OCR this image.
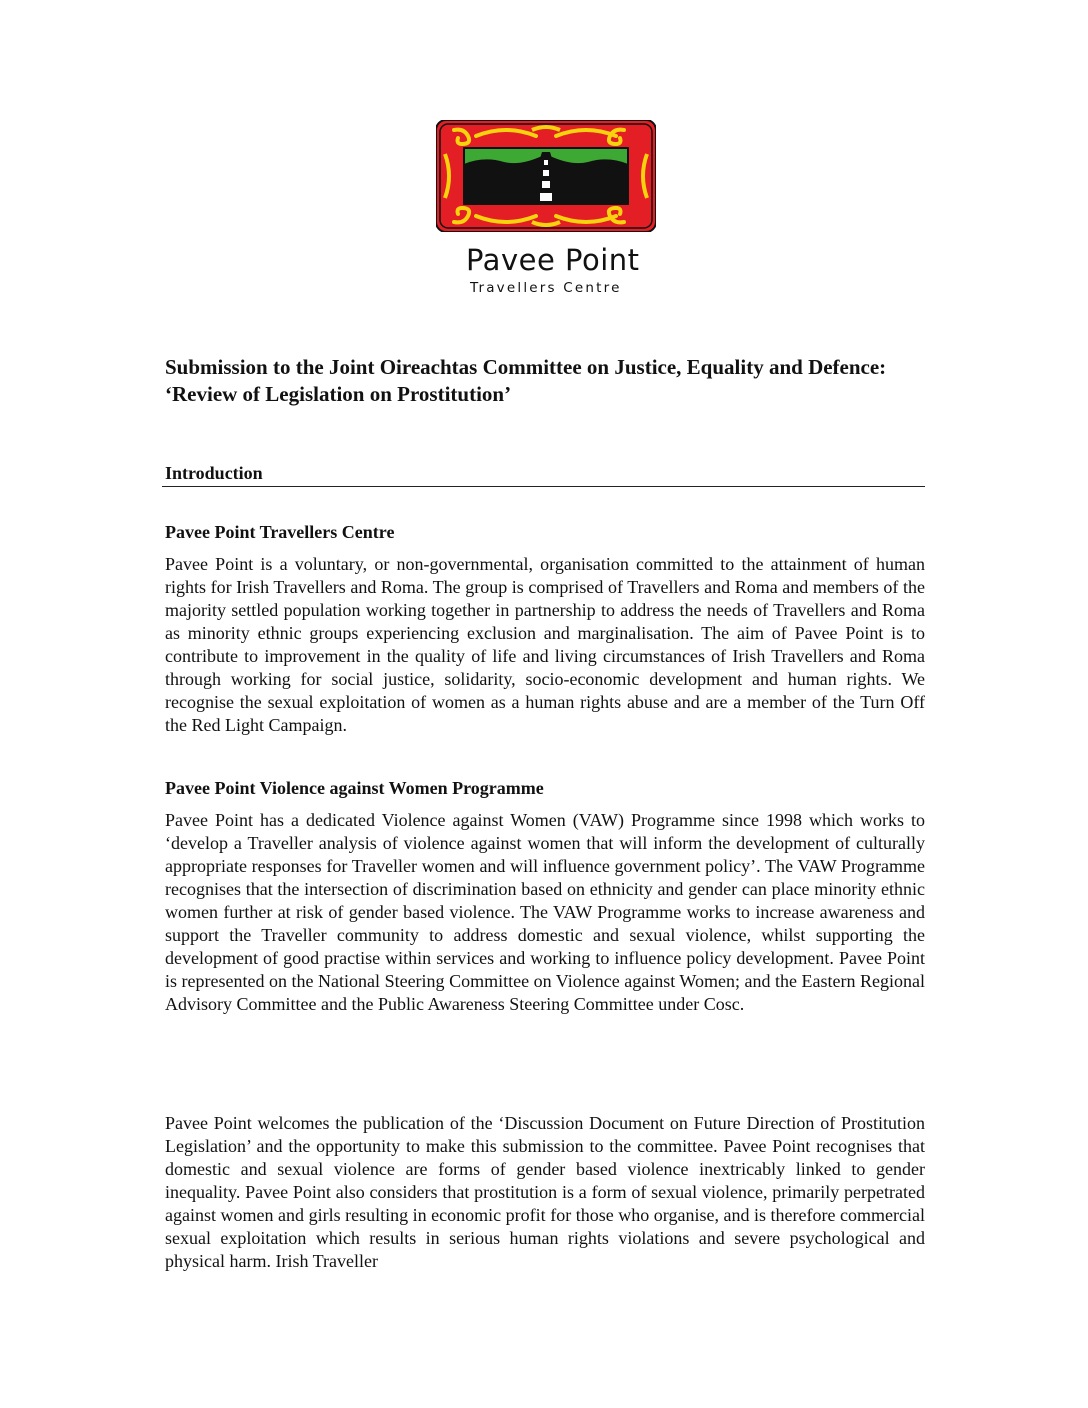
Pavee Point
Travellers Centre
Submission to the Joint Oireachtas Committee on Justice, Equality and Defence: ‘Review of Legislation on Prostitution’
Introduction
Pavee Point Travellers Centre

Pavee Point is a voluntary, or non-governmental, organisation committed to the attainment of human rights for Irish Travellers and Roma. The group is comprised of Travellers and Roma and members of the majority settled population working together in partnership to address the needs of Travellers and Roma as minority ethnic groups experiencing exclusion and marginalisation. The aim of Pavee Point is to contribute to improvement in the quality of life and living circumstances of Irish Travellers and Roma through working for social justice, solidarity, socio-economic development and human rights. We recognise the sexual exploitation of women as a human rights abuse and are a member of the Turn Off the Red Light Campaign.

Pavee Point Violence against Women Programme

Pavee Point has a dedicated Violence against Women (VAW) Programme since 1998 which works to ‘develop a Traveller analysis of violence against women that will inform the development of culturally appropriate responses for Traveller women and will influence government policy’. The VAW Programme recognises that the intersection of discrimination based on ethnicity and gender can place minority ethnic women further at risk of gender based violence. The VAW Programme works to increase awareness and support the Traveller community to address domestic and sexual violence, whilst supporting the development of good practise within services and working to influence policy development. Pavee Point is represented on the National Steering Committee on Violence against Women; and the Eastern Regional Advisory Committee and the Public Awareness Steering Committee under Cosc.

Pavee Point welcomes the publication of the ‘Discussion Document on Future Direction of Prostitution Legislation’ and the opportunity to make this submission to the committee. Pavee Point recognises that domestic and sexual violence are forms of gender based violence inextricably linked to gender inequality. Pavee Point also considers that prostitution is a form of sexual violence, primarily perpetrated against women and girls resulting in economic profit for those who organise, and is therefore commercial sexual exploitation which results in serious human rights violations and severe psychological and physical harm. Irish Traveller
